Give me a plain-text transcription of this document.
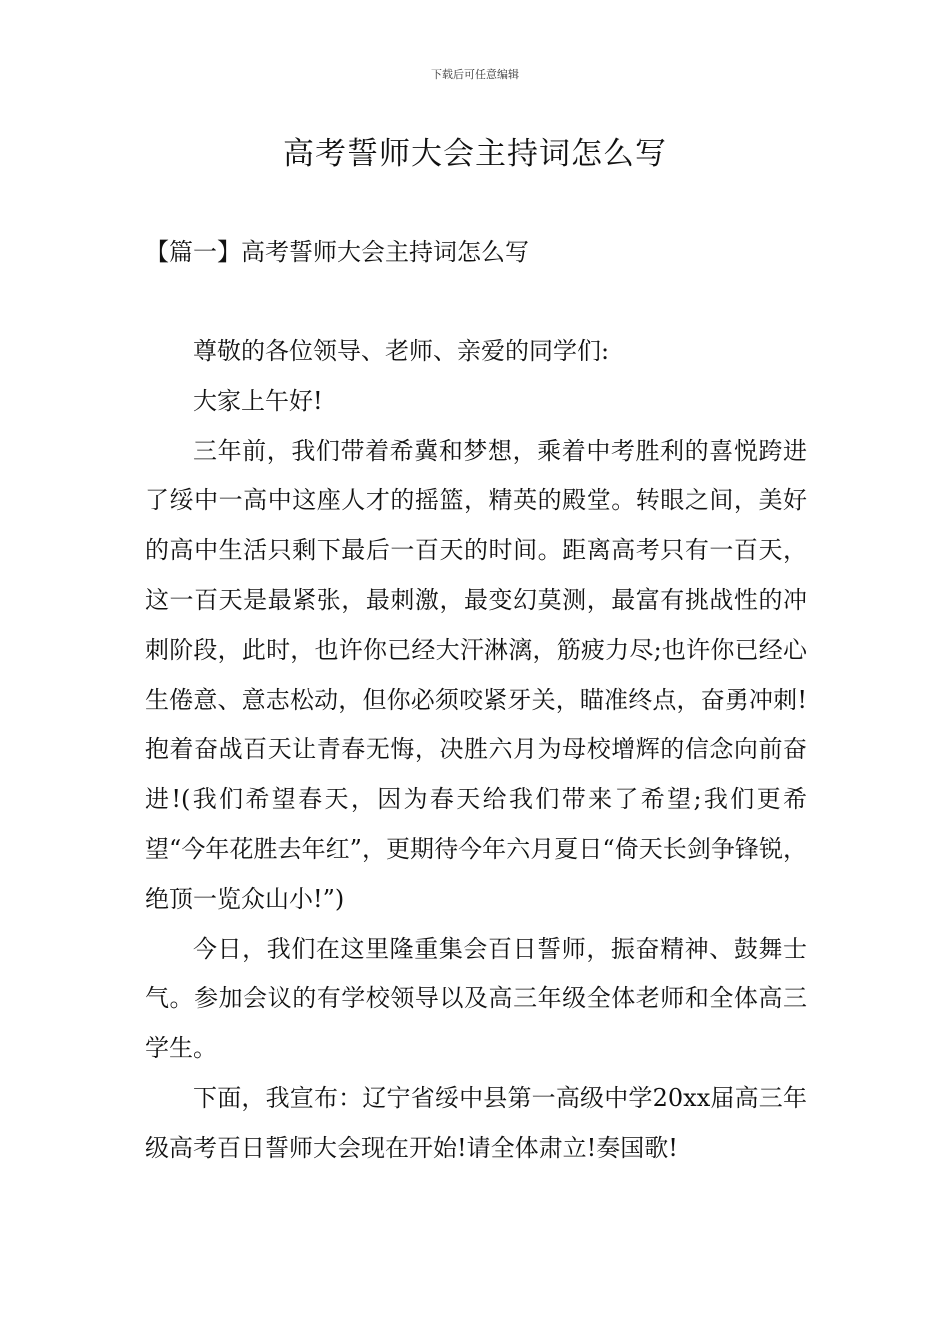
下载后可任意编辑
高考誓师大会主持词怎么写
【篇一】高考誓师大会主持词怎么写

尊敬的各位领导、老师、亲爱的同学们:

大家上午好!

三年前，我们带着希冀和梦想，乘着中考胜利的喜悦跨进了绥中一高中这座人才的摇篮，精英的殿堂。转眼之间，美好的高中生活只剩下最后一百天的时间。距离高考只有一百天，这一百天是最紧张，最刺激，最变幻莫测，最富有挑战性的冲刺阶段，此时，也许你已经大汗淋漓，筋疲力尽;也许你已经心生倦意、意志松动，但你必须咬紧牙关，瞄准终点，奋勇冲刺!抱着奋战百天让青春无悔，决胜六月为母校增辉的信念向前奋进!(我们希望春天，因为春天给我们带来了希望;我们更希望“今年花胜去年红”，更期待今年六月夏日“倚天长剑争锋锐，绝顶一览众山小!”)

今日，我们在这里隆重集会百日誓师，振奋精神、鼓舞士气。参加会议的有学校领导以及高三年级全体老师和全体高三学生。

下面，我宣布：辽宁省绥中县第一高级中学20xx届高三年级高考百日誓师大会现在开始!请全体肃立!奏国歌!
